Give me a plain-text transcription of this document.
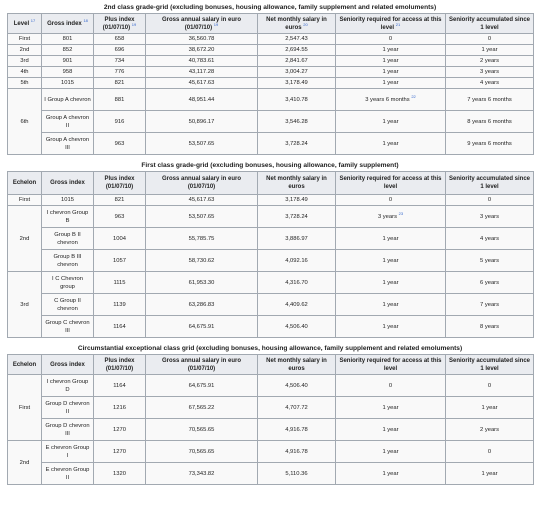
2nd class grade-grid (excluding bonuses, housing allowance, family supplement and related emoluments)
Level $^{17}$	Gross index $^{18}$	Plus index (01/07/10) $^{19}$	Gross annual salary in euro (01/07/10) $^{19}$	Net monthly salary in euros $^{20}$	Seniority required for access at this level $^{21}$	Seniority accumulated since 1 level
First	801	658	36,560.78	2,547.43	0	0
2nd	852	696	38,672.20	2,694.55	1 year	1 year
3rd	901	734	40,783.61	2,841.67	1 year	2 years
4th	958	776	43,117.28	3,004.27	1 year	3 years
5th	1015	821	45,617.63	3,178.49	1 year	4 years
6th	I Group A chevron	881	48,951.44	3,410.78	3 years 6 months $^{22}$	7 years 6 months
	Group A chevron II	916	50,896.17	3,546.28	1 year	8 years 6 months
	Group A chevron III	963	53,507.65	3,728.24	1 year	9 years 6 months
First class grade-grid (excluding bonuses, housing allowance, family supplement)
Echelon	Gross index	Plus index (01/07/10)	Gross annual salary in euro (01/07/10)	Net monthly salary in euros	Seniority required for access at this level	Seniority accumulated since 1 level
First	1015	821	45,617.63	3,178.49	0	0
2nd	I chevron Group B	963	53,507.65	3,728.24	3 years $^{23}$	3 years
	Group B II chevron	1004	55,785.75	3,886.97	1 year	4 years
	Group B III chevron	1057	58,730.62	4,092.16	1 year	5 years
3rd	I C Chevron group	1115	61,953.30	4,316.70	1 year	6 years
	C Group II chevron	1139	63,286.83	4,409.62	1 year	7 years
	Group C chevron III	1164	64,675.91	4,506.40	1 year	8 years
Circumstantial exceptional class grid (excluding bonuses, housing allowance, family supplement and related emoluments)
Echelon	Gross index	Plus index (01/07/10)	Gross annual salary in euro (01/07/10)	Net monthly salary in euros	Seniority required for access at this level	Seniority accumulated since 1 level
First	I chevron Group D	1164	64,675.91	4,506.40	0	0
	Group D chevron II	1216	67,565.22	4,707.72	1 year	1 year
	Group D chevron III	1270	70,565.65	4,916.78	1 year	2 years
2nd	E chevron Group I	1270	70,565.65	4,916.78	1 year	0
	E chevron Group II	1320	73,343.82	5,110.36	1 year	1 year
